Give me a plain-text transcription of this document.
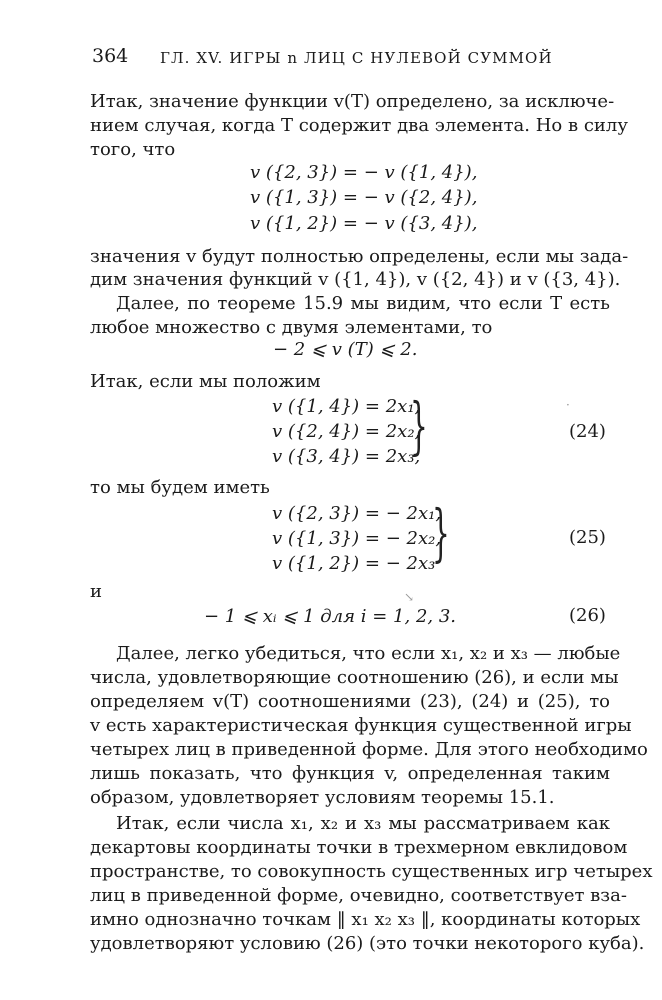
364 ГЛ. XV. ИГРЫ n ЛИЦ С НУЛЕВОЙ СУММОЙ
Итак, значение функции v(T) определено, за исключе-
нием случая, когда T содержит два элемента. Но в силу
того, что
v ({2, 3}) = − v ({1, 4}),
v ({1, 3}) = − v ({2, 4}),
v ({1, 2}) = − v ({3, 4}),
значения v будут полностью определены, если мы зада-
дим значения функций v ({1, 4}), v ({2, 4}) и v ({3, 4}).
Далее, по теореме 15.9 мы видим, что если T есть
любое множество с двумя элементами, то
− 2 ⩽ v (T) ⩽ 2.
Итак, если мы положим
v ({1, 4}) = 2x₁,
v ({2, 4}) = 2x₂,
v ({3, 4}) = 2x₃,
}	(24)
·
то мы будем иметь
v ({2, 3}) = − 2x₁,
v ({1, 3}) = − 2x₂,
v ({1, 2}) = − 2x₃
}	(25)
и	↘
− 1 ⩽ xᵢ ⩽ 1 для i = 1, 2, 3.	(26)
Далее, легко убедиться, что если x₁, x₂ и x₃ — любые
числа, удовлетворяющие соотношению (26), и если мы
определяем v(T) соотношениями (23), (24) и (25), то
v есть характеристическая функция существенной игры
четырех лиц в приведенной форме. Для этого необходимо
лишь показать, что функция v, определенная таким
образом, удовлетворяет условиям теоремы 15.1.
Итак, если числа x₁, x₂ и x₃ мы рассматриваем как
декартовы координаты точки в трехмерном евклидовом
пространстве, то совокупность существенных игр четырех
лиц в приведенной форме, очевидно, соответствует вза-
имно однозначно точкам ‖ x₁ x₂ x₃ ‖, координаты которых
удовлетворяют условию (26) (это точки некоторого куба).
